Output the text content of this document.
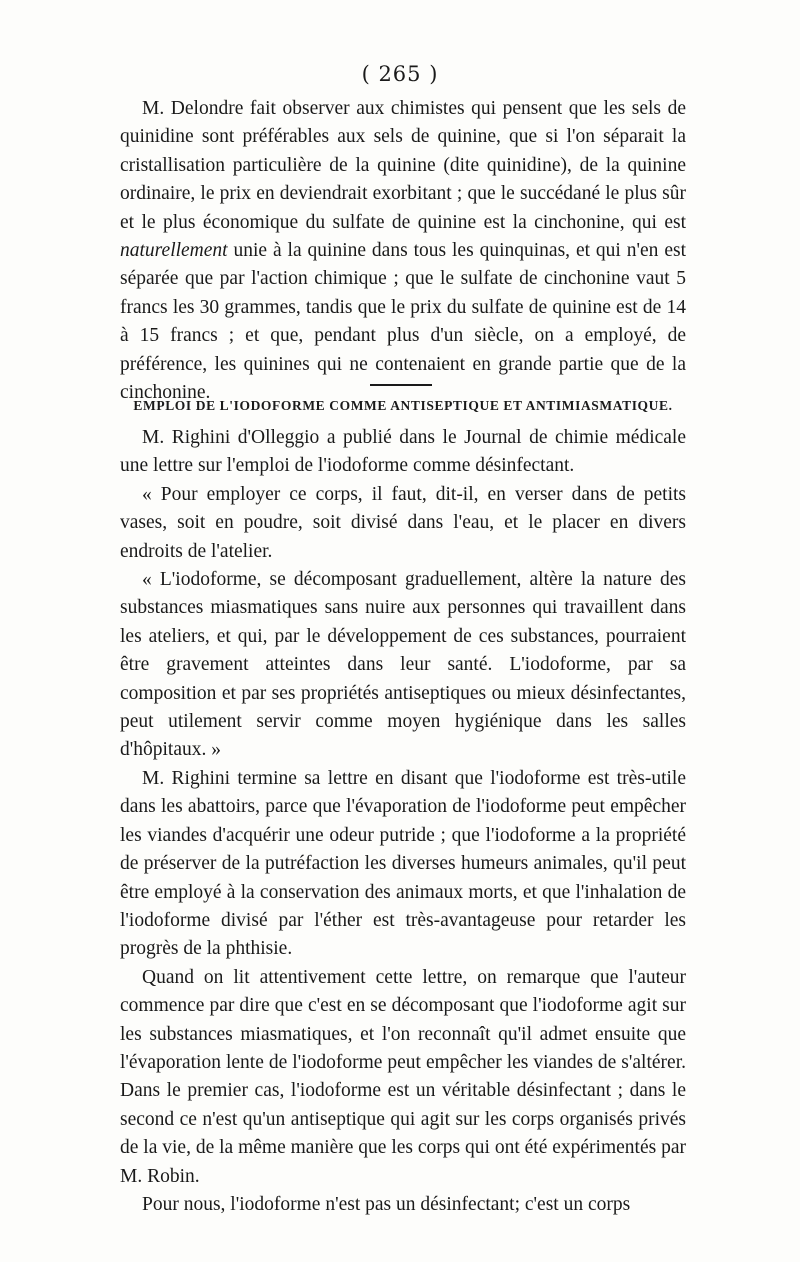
( 265 )

M. Delondre fait observer aux chimistes qui pensent que les sels de quinidine sont préférables aux sels de quinine, que si l'on séparait la cristallisation particulière de la quinine (dite quinidine), de la quinine ordinaire, le prix en deviendrait exorbitant ; que le succédané le plus sûr et le plus économique du sulfate de quinine est la cinchonine, qui est naturellement unie à la quinine dans tous les quinquinas, et qui n'en est séparée que par l'action chimique ; que le sulfate de cinchonine vaut 5 francs les 30 grammes, tandis que le prix du sulfate de quinine est de 14 à 15 francs ; et que, pendant plus d'un siècle, on a employé, de préférence, les quinines qui ne contenaient en grande partie que de la cinchonine.

EMPLOI DE L'IODOFORME COMME ANTISEPTIQUE ET ANTIMIASMATIQUE.

M. Righini d'Olleggio a publié dans le Journal de chimie médicale une lettre sur l'emploi de l'iodoforme comme désinfectant.

« Pour employer ce corps, il faut, dit-il, en verser dans de petits vases, soit en poudre, soit divisé dans l'eau, et le placer en divers endroits de l'atelier.

« L'iodoforme, se décomposant graduellement, altère la nature des substances miasmatiques sans nuire aux personnes qui travaillent dans les ateliers, et qui, par le développement de ces substances, pourraient être gravement atteintes dans leur santé. L'iodoforme, par sa composition et par ses propriétés antiseptiques ou mieux désinfectantes, peut utilement servir comme moyen hygiénique dans les salles d'hôpitaux. »

M. Righini termine sa lettre en disant que l'iodoforme est très-utile dans les abattoirs, parce que l'évaporation de l'iodoforme peut empêcher les viandes d'acquérir une odeur putride ; que l'iodoforme a la propriété de préserver de la putréfaction les diverses humeurs animales, qu'il peut être employé à la conservation des animaux morts, et que l'inhalation de l'iodoforme divisé par l'éther est très-avantageuse pour retarder les progrès de la phthisie.

Quand on lit attentivement cette lettre, on remarque que l'auteur commence par dire que c'est en se décomposant que l'iodoforme agit sur les substances miasmatiques, et l'on reconnaît qu'il admet ensuite que l'évaporation lente de l'iodoforme peut empêcher les viandes de s'altérer. Dans le premier cas, l'iodoforme est un véritable désinfectant ; dans le second ce n'est qu'un antiseptique qui agit sur les corps organisés privés de la vie, de la même manière que les corps qui ont été expérimentés par M. Robin.

Pour nous, l'iodoforme n'est pas un désinfectant; c'est un corps
